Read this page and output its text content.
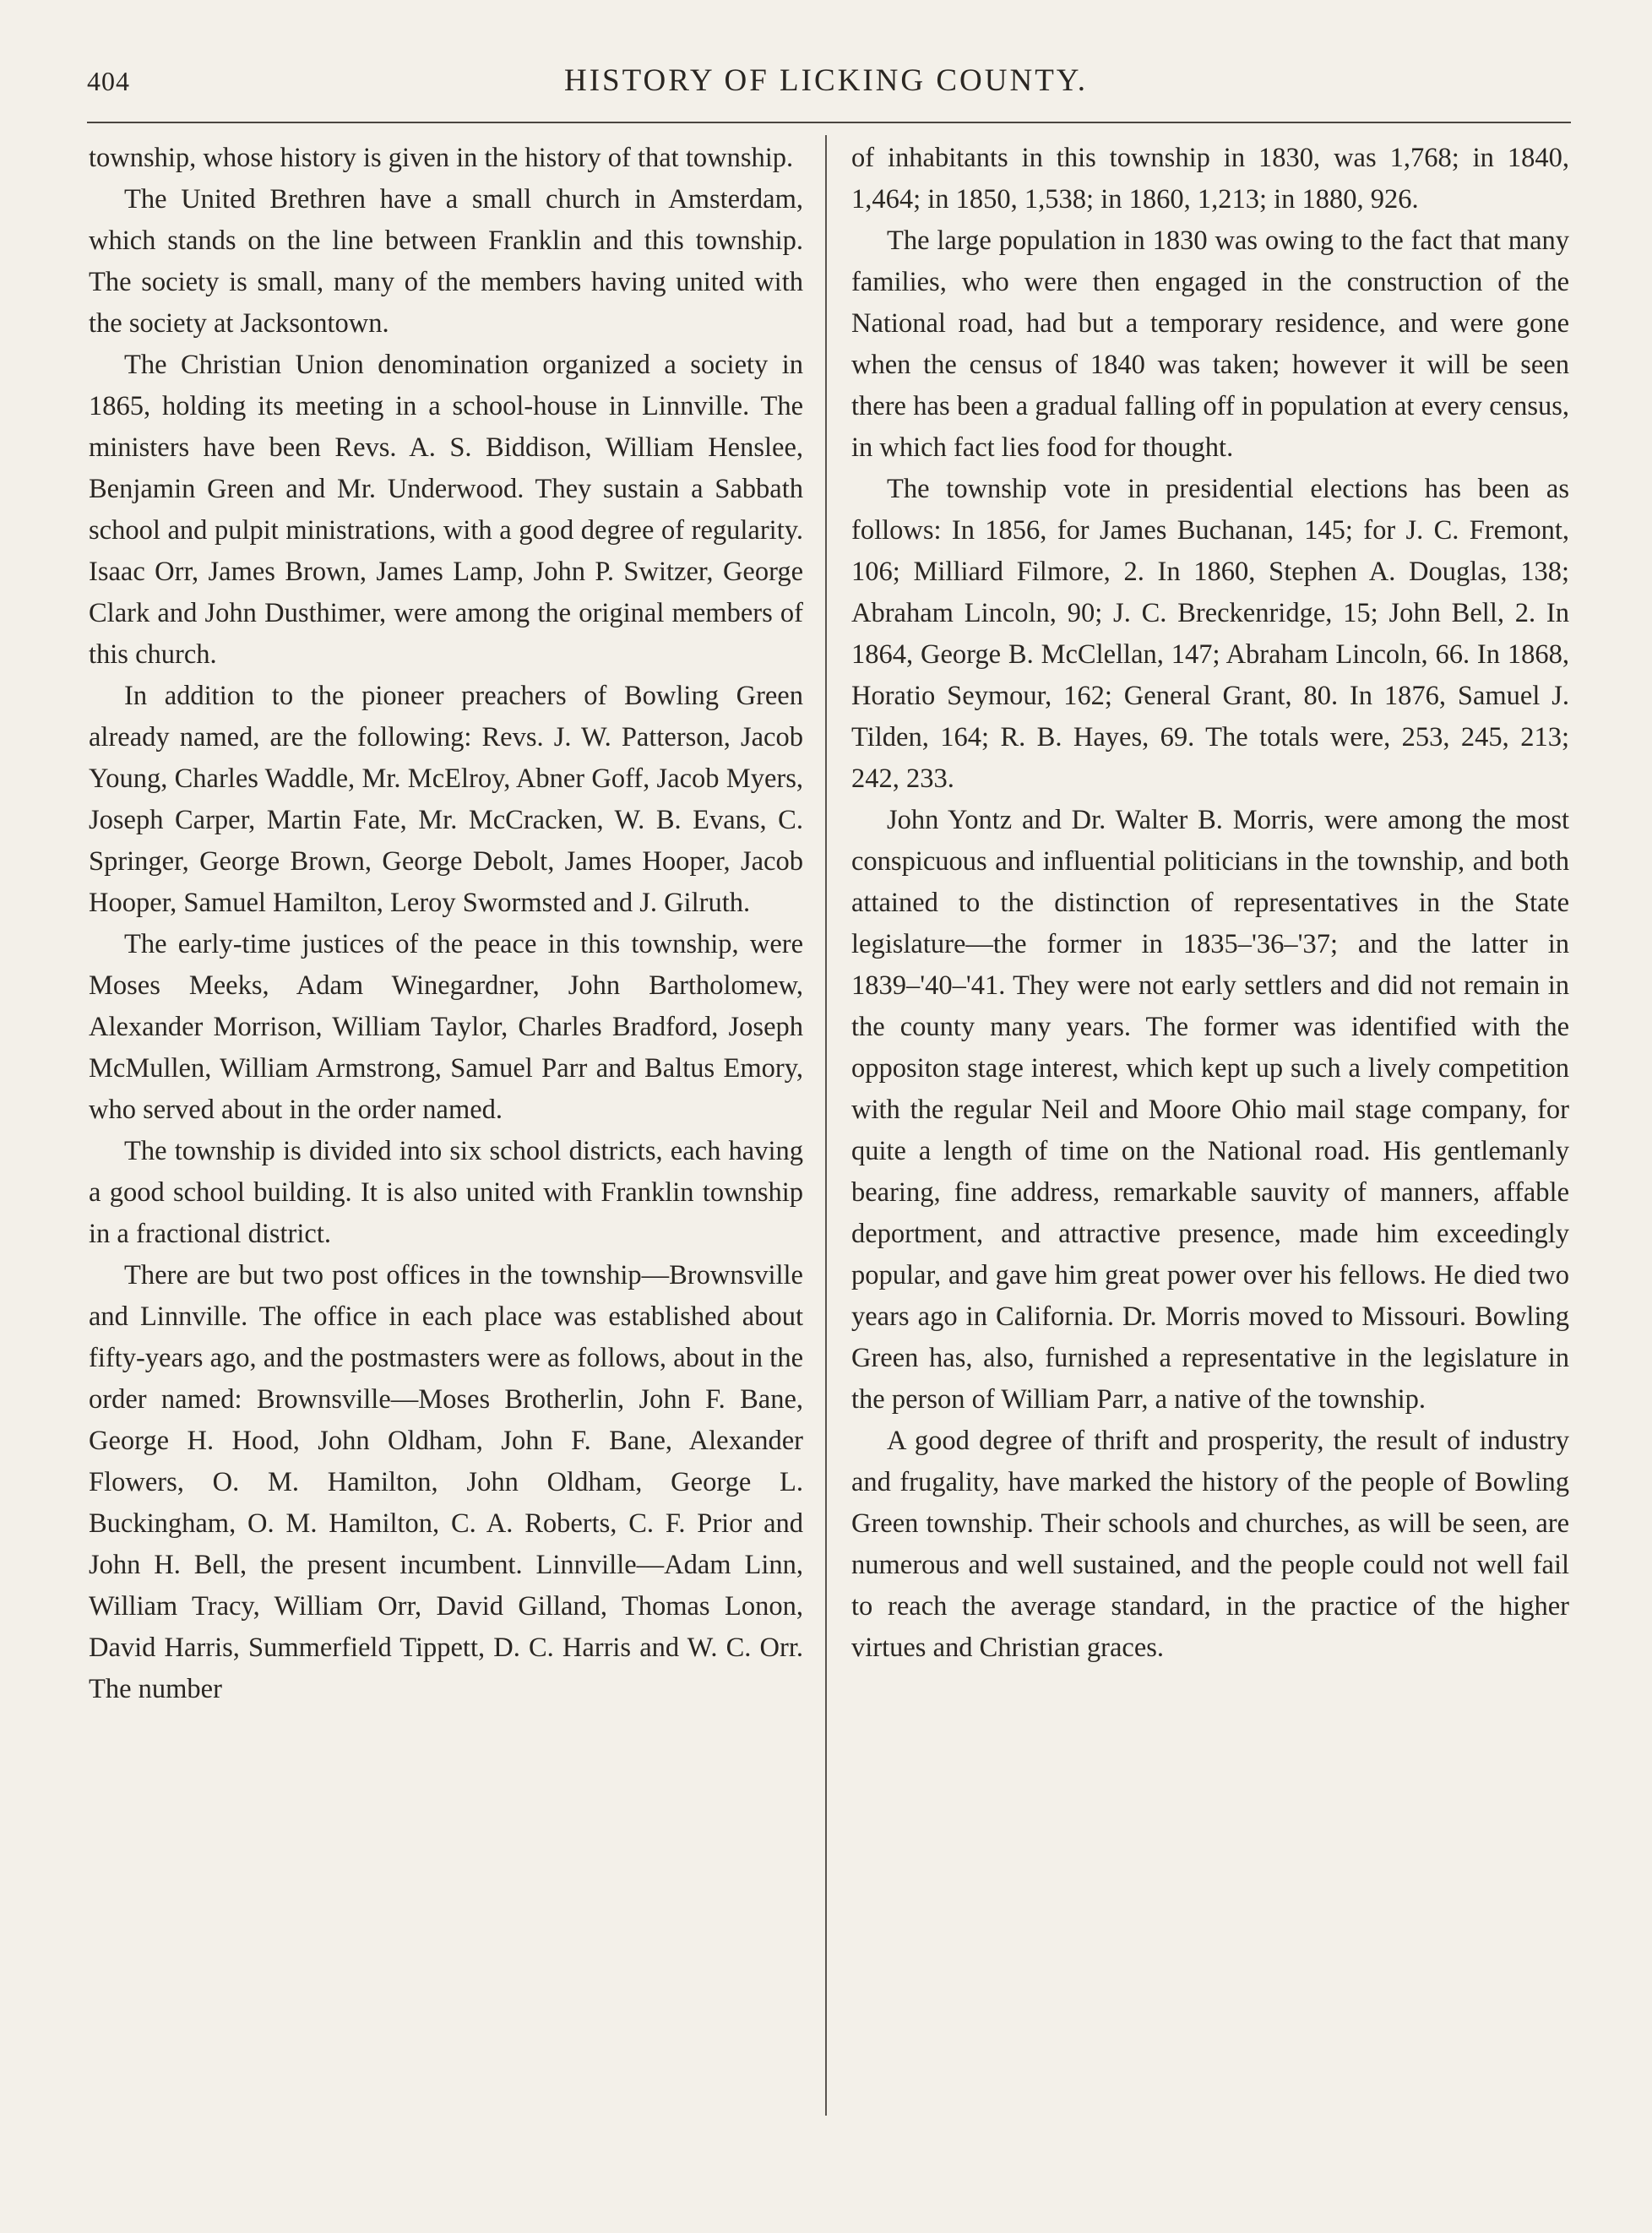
404	HISTORY OF LICKING COUNTY.

township, whose history is given in the history of that township.

The United Brethren have a small church in Amsterdam, which stands on the line between Franklin and this township. The society is small, many of the members having united with the society at Jacksontown.

The Christian Union denomination organized a society in 1865, holding its meeting in a school-house in Linnville. The ministers have been Revs. A. S. Biddison, William Henslee, Benjamin Green and Mr. Underwood. They sustain a Sabbath school and pulpit ministrations, with a good degree of regularity. Isaac Orr, James Brown, James Lamp, John P. Switzer, George Clark and John Dusthimer, were among the original members of this church.

In addition to the pioneer preachers of Bowling Green already named, are the following: Revs. J. W. Patterson, Jacob Young, Charles Waddle, Mr. McElroy, Abner Goff, Jacob Myers, Joseph Carper, Martin Fate, Mr. McCracken, W. B. Evans, C. Springer, George Brown, George Debolt, James Hooper, Jacob Hooper, Samuel Hamilton, Leroy Swormsted and J. Gilruth.

The early-time justices of the peace in this township, were Moses Meeks, Adam Winegardner, John Bartholomew, Alexander Morrison, William Taylor, Charles Bradford, Joseph McMullen, William Armstrong, Samuel Parr and Baltus Emory, who served about in the order named.

The township is divided into six school districts, each having a good school building. It is also united with Franklin township in a fractional district.

There are but two post offices in the township—Brownsville and Linnville. The office in each place was established about fifty-years ago, and the postmasters were as follows, about in the order named: Brownsville—Moses Brotherlin, John F. Bane, George H. Hood, John Oldham, John F. Bane, Alexander Flowers, O. M. Hamilton, John Oldham, George L. Buckingham, O. M. Hamilton, C. A. Roberts, C. F. Prior and John H. Bell, the present incumbent. Linnville—Adam Linn, William Tracy, William Orr, David Gilland, Thomas Lonon, David Harris, Summerfield Tippett, D. C. Harris and W. C. Orr. The number

of inhabitants in this township in 1830, was 1,768; in 1840, 1,464; in 1850, 1,538; in 1860, 1,213; in 1880, 926.

The large population in 1830 was owing to the fact that many families, who were then engaged in the construction of the National road, had but a temporary residence, and were gone when the census of 1840 was taken; however it will be seen there has been a gradual falling off in population at every census, in which fact lies food for thought.

The township vote in presidential elections has been as follows: In 1856, for James Buchanan, 145; for J. C. Fremont, 106; Milliard Filmore, 2. In 1860, Stephen A. Douglas, 138; Abraham Lincoln, 90; J. C. Breckenridge, 15; John Bell, 2. In 1864, George B. McClellan, 147; Abraham Lincoln, 66. In 1868, Horatio Seymour, 162; General Grant, 80. In 1876, Samuel J. Tilden, 164; R. B. Hayes, 69. The totals were, 253, 245, 213; 242, 233.

John Yontz and Dr. Walter B. Morris, were among the most conspicuous and influential politicians in the township, and both attained to the distinction of representatives in the State legislature—the former in 1835–'36–'37; and the latter in 1839–'40–'41. They were not early settlers and did not remain in the county many years. The former was identified with the oppositon stage interest, which kept up such a lively competition with the regular Neil and Moore Ohio mail stage company, for quite a length of time on the National road. His gentlemanly bearing, fine address, remarkable sauvity of manners, affable deportment, and attractive presence, made him exceedingly popular, and gave him great power over his fellows. He died two years ago in California. Dr. Morris moved to Missouri. Bowling Green has, also, furnished a representative in the legislature in the person of William Parr, a native of the township.

A good degree of thrift and prosperity, the result of industry and frugality, have marked the history of the people of Bowling Green township. Their schools and churches, as will be seen, are numerous and well sustained, and the people could not well fail to reach the average standard, in the practice of the higher virtues and Christian graces.
